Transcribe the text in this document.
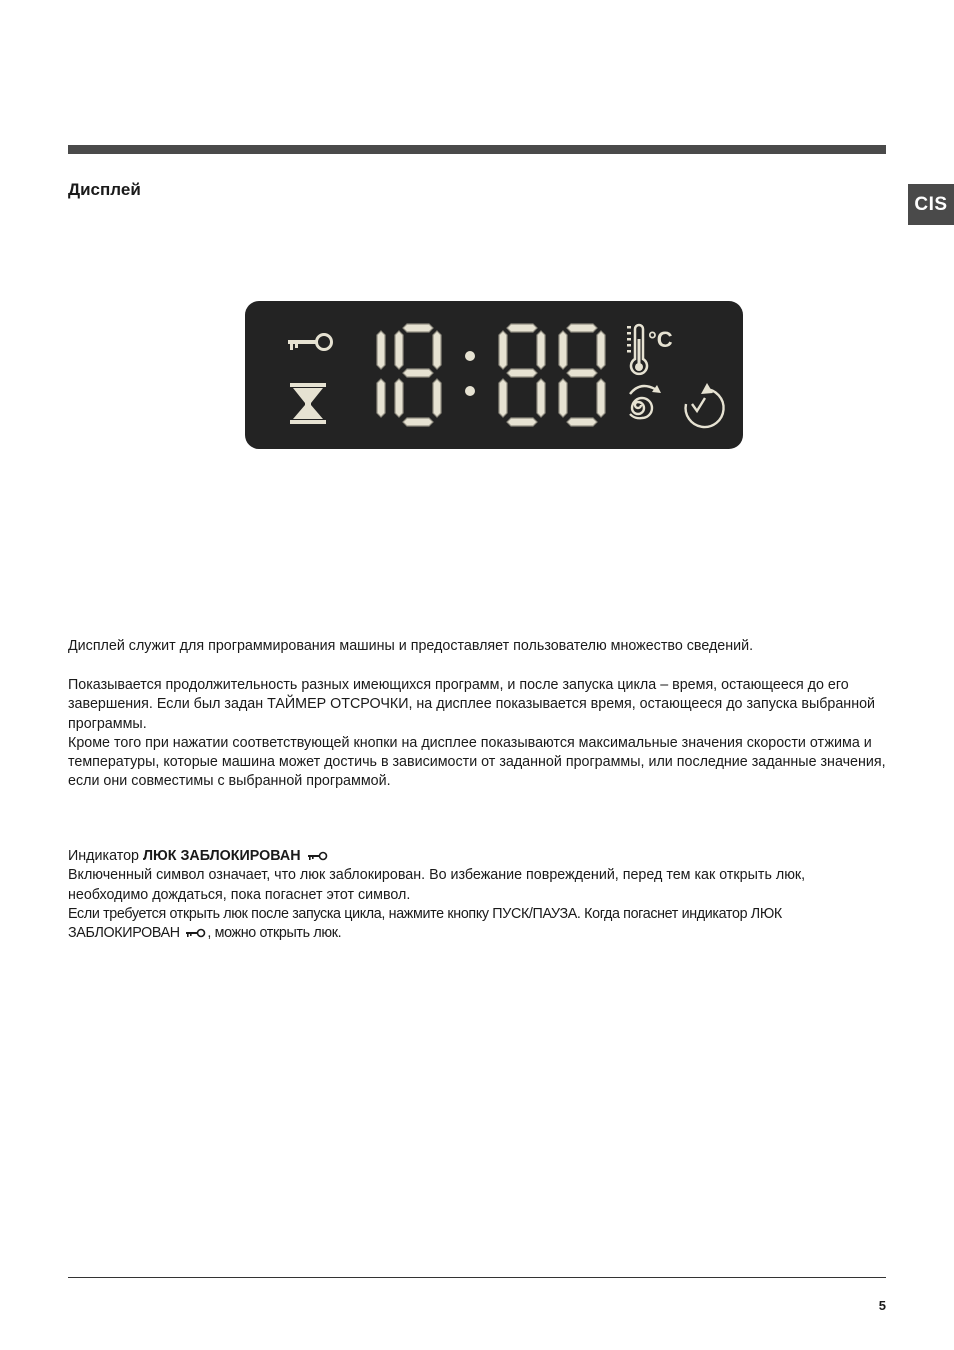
CIS
Дисплей
°C

Дисплей служит для программирования машины и предоставляет пользователю множество сведений.

Показывается продолжительность разных имеющихся программ, и после запуска цикла – время, остающееся до его завершения. Если был задан ТАЙМЕР ОТСРОЧКИ, на дисплее показывается время, остающееся до запуска выбранной программы.

Кроме того при нажатии соответствующей кнопки на дисплее показываются максимальные значения скорости отжима и температуры, которые машина может достичь в зависимости от заданной программы, или последние заданные значения, если они совместимы с выбранной программой.

Индикатор ЛЮК ЗАБЛОКИРОВАН

Включенный символ означает, что люк заблокирован. Во избежание повреждений, перед тем как открыть люк, необходимо дождаться, пока погаснет этот символ.

Если требуется открыть люк после запуска цикла, нажмите кнопку ПУСК/ПАУЗА. Когда погаснет индикатор ЛЮК ЗАБЛОКИРОВАН , можно открыть люк.

5
